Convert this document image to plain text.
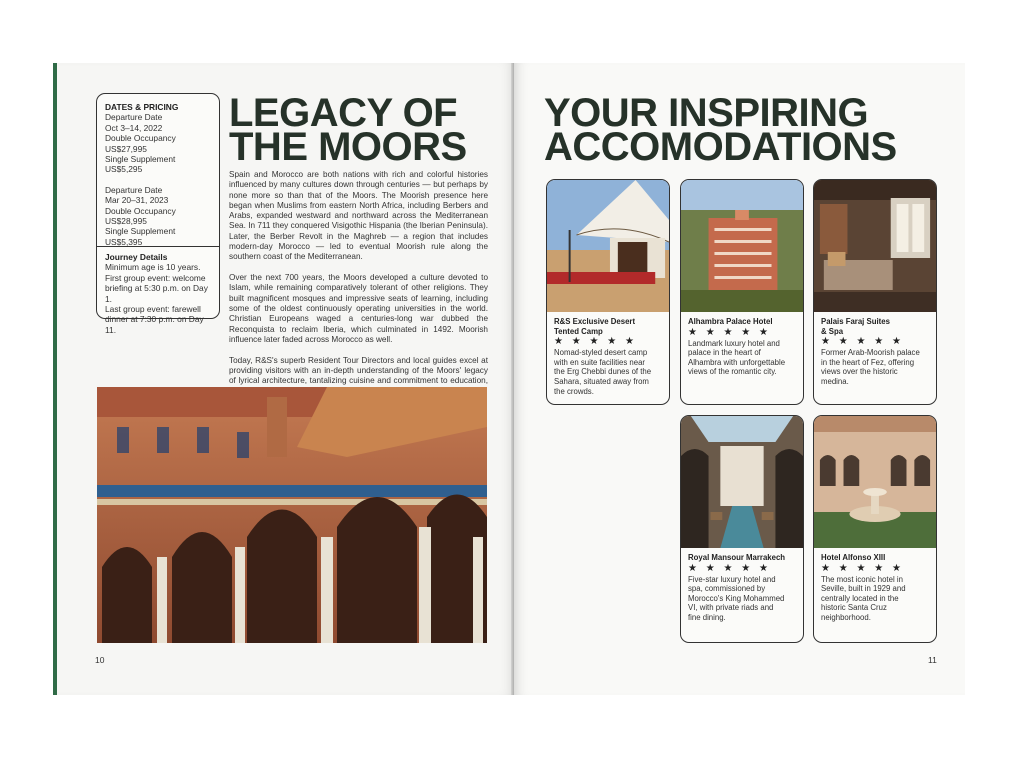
DATES & PRICING
Departure Date
Oct 3–14, 2022
Double Occupancy
US$27,995
Single Supplement
US$5,295
Departure Date
Mar 20–31, 2023
Double Occupancy
US$28,995
Single Supplement
US$5,395
Journey Details
Minimum age is 10 years.
First group event: welcome
briefing at 5:30 p.m. on Day 1.
Last group event: farewell
dinner at 7:30 p.m. on Day 11.
LEGACY OF
THE MOORS

Spain and Morocco are both nations with rich and colorful histories influenced by many cultures down through centuries — but perhaps by none more so than that of the Moors. The Moorish presence here began when Muslims from eastern North Africa, including Berbers and Arabs, expanded westward and northward across the Mediterranean Sea. In 711 they conquered Visigothic Hispania (the Iberian Peninsula). Later, the Berber Revolt in the Maghreb — a region that includes modern-day Morocco — led to eventual Moorish rule along the southern coast of the Mediterranean.

Over the next 700 years, the Moors developed a culture devoted to Islam, while remaining comparatively tolerant of other religions. They built magnificent mosques and impressive seats of learning, including some of the oldest continuously operating universities in the world. Christian Europeans waged a centuries-long war dubbed the Reconquista to reclaim Iberia, which culminated in 1492. Moorish influence later faded across Morocco as well.

Today, R&S's superb Resident Tour Directors and local guides excel at providing visitors with an in-depth understanding of the Moors' legacy of lyrical architecture, tantalizing cuisine and commitment to education,

10
YOUR INSPIRING
ACCOMODATIONS
R&S Exclusive Desert
Tented Camp
★ ★ ★ ★ ★
Nomad-styled desert camp
with en suite facilities near
the Erg Chebbi dunes of the
Sahara, situated away from
the crowds.
Alhambra Palace Hotel
★ ★ ★ ★ ★
Landmark luxury hotel and
palace in the heart of
Alhambra with unforgettable
views of the romantic city.
Palais Faraj Suites
& Spa
★ ★ ★ ★ ★
Former Arab-Moorish palace
in the heart of Fez, offering
views over the historic
medina.
Royal Mansour Marrakech
★ ★ ★ ★ ★
Five-star luxury hotel and
spa, commissioned by
Morocco's King Mohammed
VI, with private riads and
fine dining.
Hotel Alfonso XIII
★ ★ ★ ★ ★
The most iconic hotel in
Seville, built in 1929 and
centrally located in the
historic Santa Cruz
neighborhood.
11
